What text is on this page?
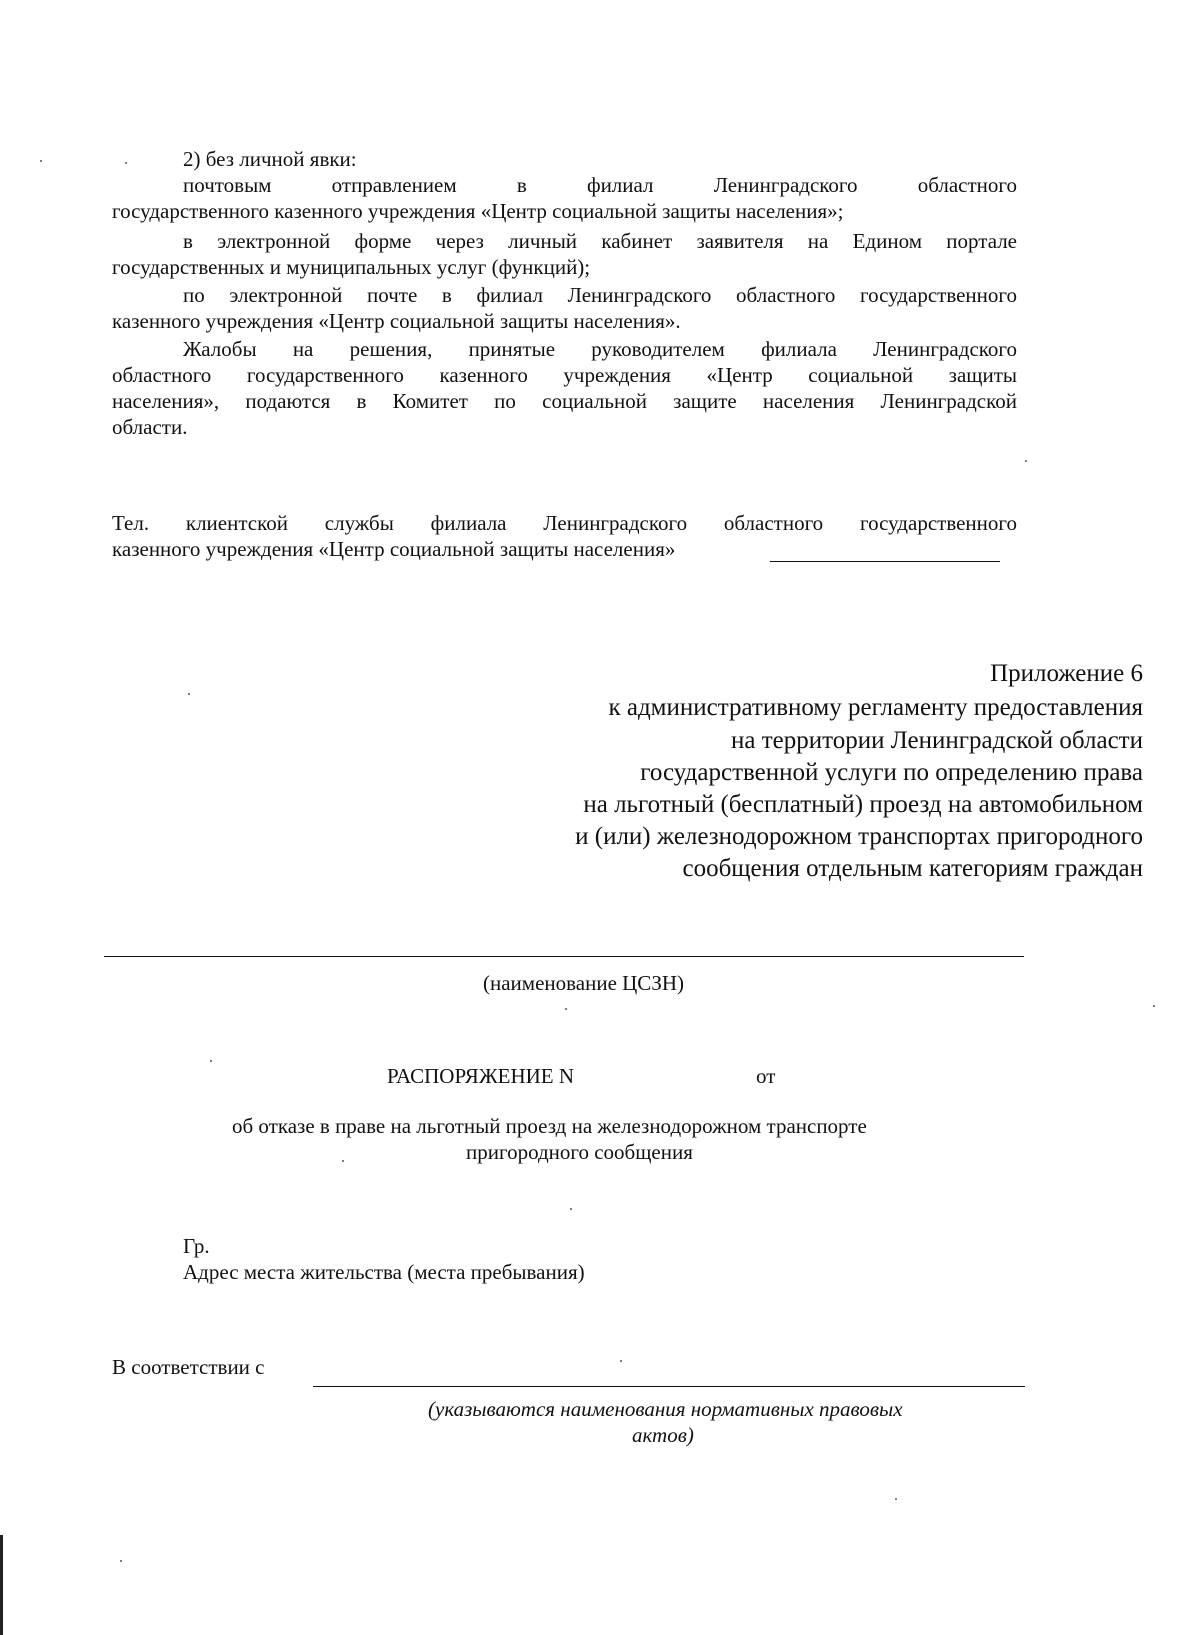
2) без личной явки:

почтовым отправлением в филиал Ленинградского областного

государственного казенного учреждения «Центр социальной защиты населения»;

в электронной форме через личный кабинет заявителя на Едином портале

государственных и муниципальных услуг (функций);

по электронной почте в филиал Ленинградского областного государственного

казенного учреждения «Центр социальной защиты населения».

Жалобы на решения, принятые руководителем филиала Ленинградского

областного государственного казенного учреждения «Центр социальной защиты

населения», подаются в Комитет по социальной защите населения Ленинградской

области.

Тел. клиентской службы филиала Ленинградского областного государственного

казенного учреждения «Центр социальной защиты населения»

Приложение 6

к административному регламенту предоставления

на территории Ленинградской области

государственной услуги по определению права

на льготный (бесплатный) проезд на автомобильном

и (или) железнодорожном транспортах пригородного

сообщения отдельным категориям граждан

(наименование ЦСЗН)

РАСПОРЯЖЕНИЕ N	от

об отказе в праве на льготный проезд на железнодорожном транспорте

пригородного сообщения

Гр.

Адрес места жительства (места пребывания)

В соответствии с

(указываются наименования нормативных правовых

актов)
